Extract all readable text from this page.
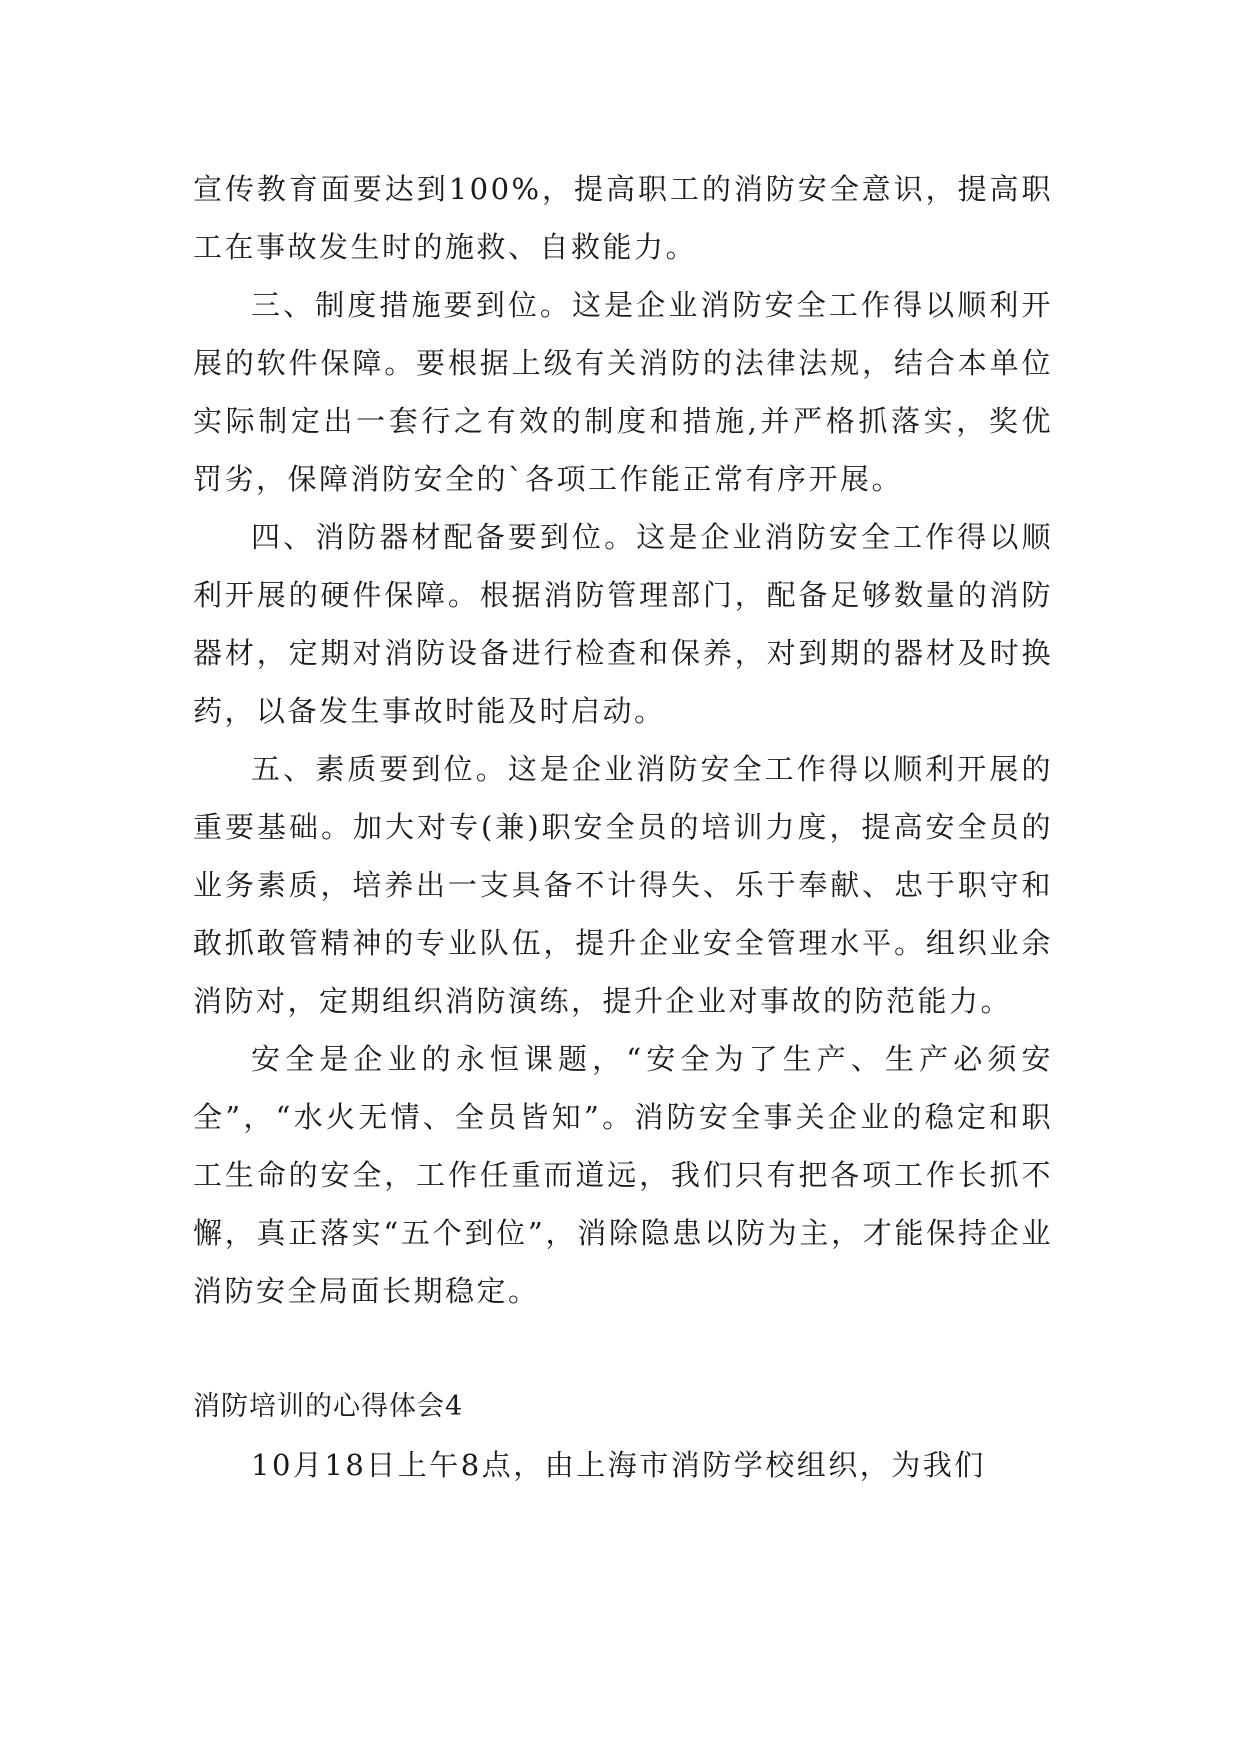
宣传教育面要达到100%，提高职工的消防安全意识，提高职工在事故发生时的施救、自救能力。

三、制度措施要到位。这是企业消防安全工作得以顺利开展的软件保障。要根据上级有关消防的法律法规，结合本单位实际制定出一套行之有效的制度和措施,并严格抓落实，奖优罚劣，保障消防安全的`各项工作能正常有序开展。

四、消防器材配备要到位。这是企业消防安全工作得以顺利开展的硬件保障。根据消防管理部门，配备足够数量的消防器材，定期对消防设备进行检查和保养，对到期的器材及时换药，以备发生事故时能及时启动。

五、素质要到位。这是企业消防安全工作得以顺利开展的重要基础。加大对专(兼)职安全员的培训力度，提高安全员的业务素质，培养出一支具备不计得失、乐于奉献、忠于职守和敢抓敢管精神的专业队伍，提升企业安全管理水平。组织业余消防对，定期组织消防演练，提升企业对事故的防范能力。

安全是企业的永恒课题，“安全为了生产、生产必须安全”，“水火无情、全员皆知”。消防安全事关企业的稳定和职工生命的安全，工作任重而道远，我们只有把各项工作长抓不懈，真正落实“五个到位”，消除隐患以防为主，才能保持企业消防安全局面长期稳定。

消防培训的心得体会4

10月18日上午8点，由上海市消防学校组织，为我们
